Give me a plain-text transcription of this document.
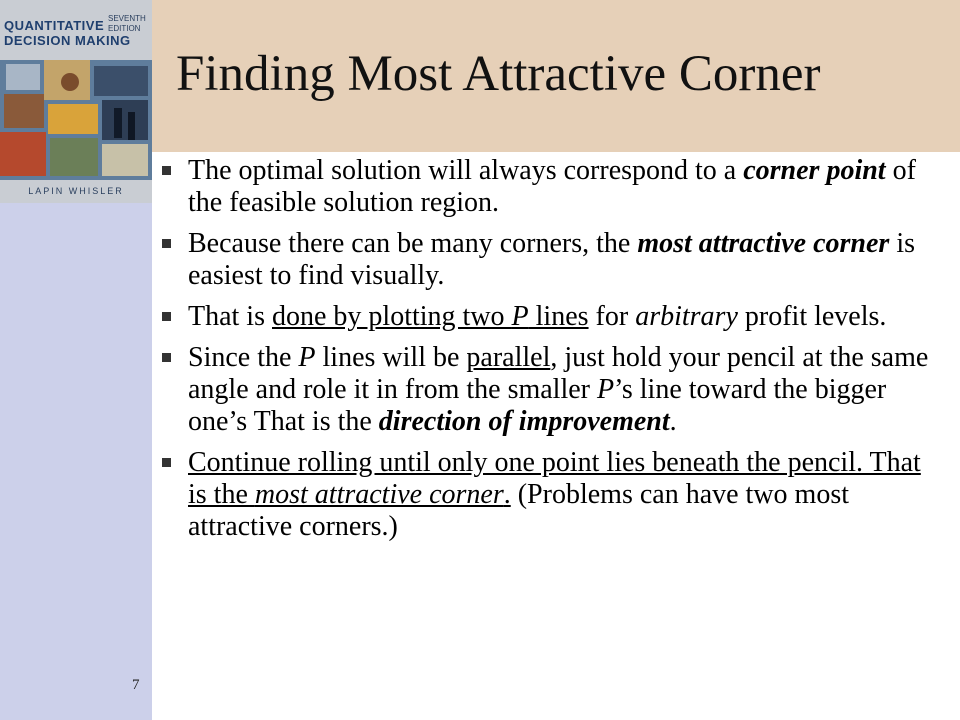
QUANTITATIVE
DECISION MAKING
SEVENTH
EDITION
LAPIN WHISLER
Finding Most Attractive Corner
The optimal solution will always correspond to a corner point of the feasible solution region.
Because there can be many corners, the most attractive corner is easiest to find visually.
That is done by plotting two P lines for arbitrary profit levels.
Since the P lines will be parallel, just hold your pencil at the same angle and role it in from the smaller P’s line toward the bigger one’s That is the direction of improvement.
Continue rolling until only one point lies beneath the pencil. That is the most attractive corner. (Problems can have two most attractive corners.)
7
